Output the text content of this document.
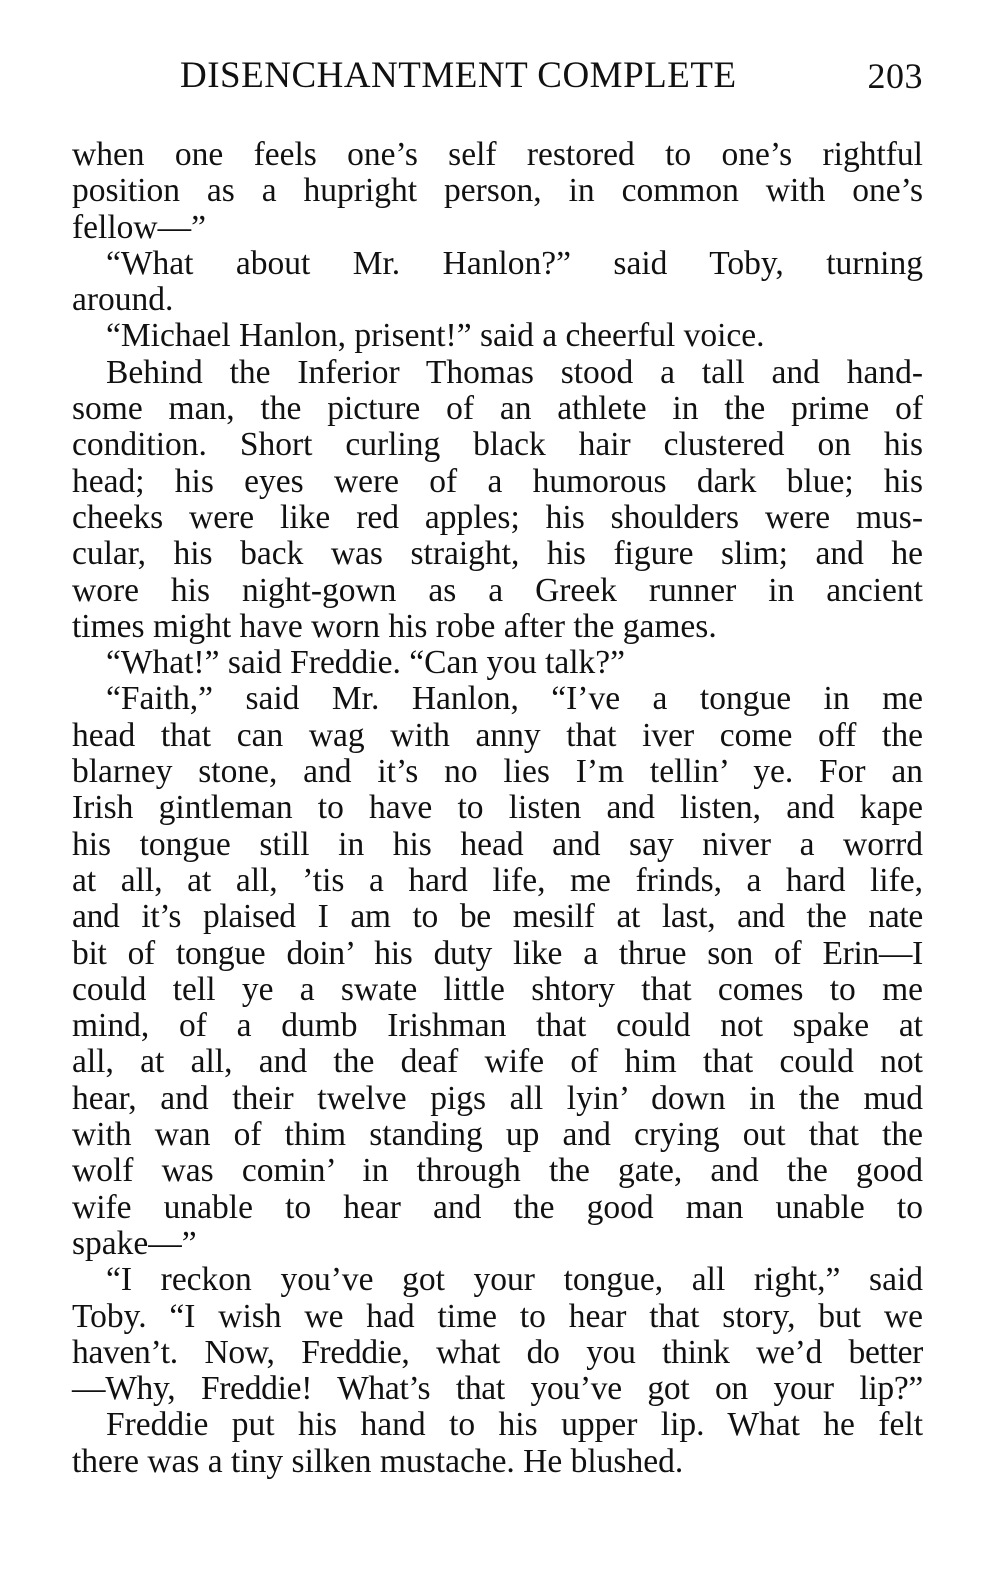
DISENCHANTMENT COMPLETE	203
when one feels one’s self restored to one’s rightful
position as a hupright person, in common with one’s
fellow—”
“What about Mr. Hanlon?” said Toby, turning
around.
“Michael Hanlon, prisent!” said a cheerful voice.
Behind the Inferior Thomas stood a tall and hand-
some man, the picture of an athlete in the prime of
condition. Short curling black hair clustered on his
head; his eyes were of a humorous dark blue; his
cheeks were like red apples; his shoulders were mus-
cular, his back was straight, his figure slim; and he
wore his night-gown as a Greek runner in ancient
times might have worn his robe after the games.
“What!” said Freddie. “Can you talk?”
“Faith,” said Mr. Hanlon, “I’ve a tongue in me
head that can wag with anny that iver come off the
blarney stone, and it’s no lies I’m tellin’ ye. For an
Irish gintleman to have to listen and listen, and kape
his tongue still in his head and say niver a worrd
at all, at all, ’tis a hard life, me frinds, a hard life,
and it’s plaised I am to be mesilf at last, and the nate
bit of tongue doin’ his duty like a thrue son of Erin—I
could tell ye a swate little shtory that comes to me
mind, of a dumb Irishman that could not spake at
all, at all, and the deaf wife of him that could not
hear, and their twelve pigs all lyin’ down in the mud
with wan of thim standing up and crying out that the
wolf was comin’ in through the gate, and the good
wife unable to hear and the good man unable to
spake—”
“I reckon you’ve got your tongue, all right,” said
Toby. “I wish we had time to hear that story, but we
haven’t. Now, Freddie, what do you think we’d better
—Why, Freddie! What’s that you’ve got on your lip?”
Freddie put his hand to his upper lip. What he felt
there was a tiny silken mustache. He blushed.
